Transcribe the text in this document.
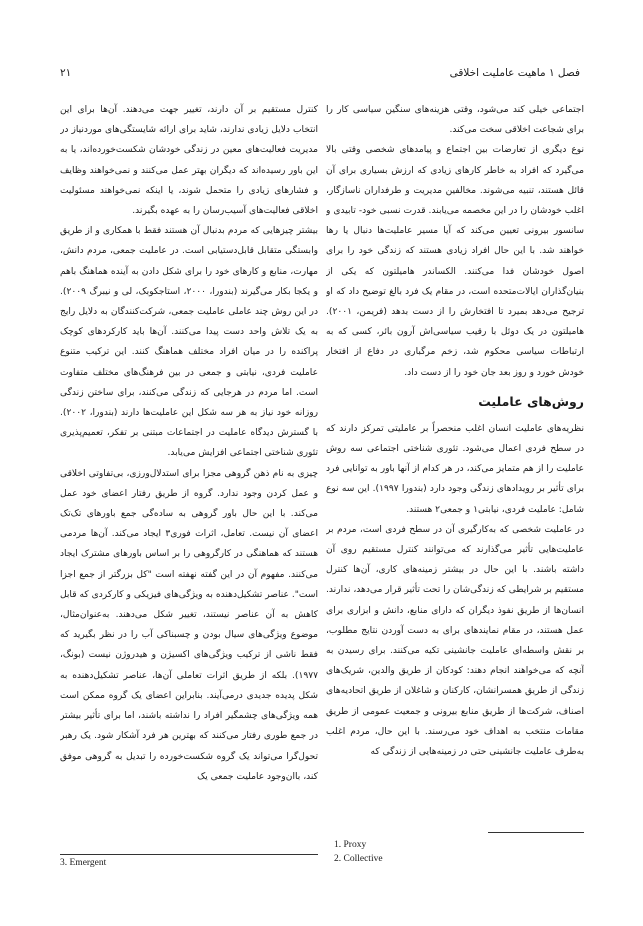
فصل ۱ ماهیت عاملیت اخلاقی
۲۱

اجتماعی خیلی کند می‌شود، وقتی هزینه‌های سنگین سیاسی کار را برای شجاعت اخلاقی سخت می‌کند.

نوع دیگری از تعارضات بین اجتماع و پیامدهای شخصی وقتی بالا می‌گیرد که افراد به خاطر کارهای زیادی که ارزش بسیاری برای آن قائل هستند، تنبیه می‌شوند. مخالفین مدیریت و طرفداران ناسازگار، اغلب خودشان را در این مخصمه می‌یابند. قدرت نسبی خود- تابیدی و سانسور بیرونی تعیین می‌کند که آیا مسیر عاملیت‌ها دنبال یا رها خواهند شد. با این حال افراد زیادی هستند که زندگی خود را برای اصول خودشان فدا می‌کنند. الکساندر هامیلتون که یکی از بنیان‌گذاران ایالات‌متحده است، در مقام یک فرد بالغ توضیح داد که او ترجیح می‌دهد بمیرد تا افتخارش را از دست بدهد (فریمن، ۲۰۰۱). هامیلتون در یک دوئل با رقیب سیاسی‌اش آرون بائر، کسی که به ارتباطات سیاسی محکوم شد، زخم مرگباری در دفاع از افتخار خودش خورد و روز بعد جان خود را از دست داد.

روش‌های عاملیت

نظریه‌های عاملیت انسان اغلب منحصراً بر عاملیتی تمرکز دارند که در سطح فردی اعمال می‌شود. تئوری شناختی اجتماعی سه روش عاملیت را از هم متمایز می‌کند، در هر کدام از آنها باور به توانایی فرد برای تأثیر بر رویدادهای زندگی وجود دارد (بندورا ۱۹۹۷). این سه نوع شامل: عاملیت فردی، نیابتی۱ و جمعی۲ هستند.

در عاملیت شخصی که به‌کارگیری آن در سطح فردی است، مردم بر عاملیت‌هایی تأثیر می‌گذارند که می‌توانند کنترل مستقیم روی آن داشته باشند. با این حال در بیشتر زمینه‌های کاری، آن‌ها کنترل مستقیم بر شرایطی که زندگی‌شان را تحت تأثیر قرار می‌دهد، ندارند. انسان‌ها از طریق نفوذ دیگران که دارای منابع، دانش و ابزاری برای عمل هستند، در مقام نمایندهای برای به دست آوردن نتایج مطلوب، بر نقش واسطه‌ای عاملیت جانشینی تکیه می‌کنند. برای رسیدن به آنچه که می‌خواهند انجام دهند: کودکان از طریق والدین، شریک‌های زندگی از طریق همسرانشان، کارکنان و شاغلان از طریق اتحادیه‌های اصناف، شرکت‌ها از طریق منابع بیرونی و جمعیت عمومی از طریق مقامات منتخب به اهداف خود می‌رسند. با این حال، مردم اغلب به‌طرف عاملیت جانشینی حتی در زمینه‌هایی از زندگی که

کنترل مستقیم بر آن دارند، تغییر جهت می‌دهند. آن‌ها برای این انتخاب دلایل زیادی ندارند، شاید برای ارائه شایستگی‌های موردنیاز در مدیریت فعالیت‌های معین در زندگی خودشان شکست‌خورده‌اند، یا به این باور رسیده‌اند که دیگران بهتر عمل می‌کنند و نمی‌خواهند وظایف و فشارهای زیادی را متحمل شوند، یا اینکه نمی‌خواهند مسئولیت اخلاقی فعالیت‌های آسیب‌رسان را به عهده بگیرند.

بیشتر چیزهایی که مردم بدنبال آن هستند فقط با همکاری و از طریق وابستگی متقابل قابل‌دستیابی است. در عاملیت جمعی، مردم دانش، مهارت، منابع و کارهای خود را برای شکل دادن به آینده هماهنگ باهم و یکجا بکار می‌گیرند (بندورا، ۲۰۰۰، استاجکوبک، لی و نیبرگ ۲۰۰۹). در این روش چند عاملی عاملیت جمعی، شرکت‌کنندگان به دلایل رایج به یک تلاش واحد دست پیدا می‌کنند. آن‌ها باید کارکردهای کوچک پراکنده را در میان افراد مختلف هماهنگ کنند. این ترکیب متنوع عاملیت فردی، نیابتی و جمعی در بین فرهنگ‌های مختلف متفاوت است. اما مردم در هرجایی که زندگی می‌کنند، برای ساختن زندگی روزانه خود نیاز به هر سه شکل این عاملیت‌ها دارند (بندورا، ۲۰۰۲). با گسترش دیدگاه عاملیت در اجتماعات مبتنی بر تفکر، تعمیم‌پذیری تئوری شناختی اجتماعی افزایش می‌یابد.

چیزی به نام ذهن گروهی مجزا برای استدلال‌ورزی، بی‌تفاوتی اخلاقی و عمل کردن وجود ندارد. گروه از طریق رفتار اعضای خود عمل می‌کند. با این حال باور گروهی به ساده‌گی جمع باورهای تک‌تک اعضای آن نیست. تعامل، اثرات فوری۳ ایجاد می‌کند. آن‌ها مردمی هستند که هماهنگی در کارگروهی را بر اساس باورهای مشترک ایجاد می‌کنند. مفهوم آن در این گفته نهفته است "کل بزرگتر از جمع اجزا است". عناصر تشکیل‌دهنده به ویژگی‌های فیزیکی و کارکردی که قابل کاهش به آن عناصر نیستند، تغییر شکل می‌دهند. به‌عنوان‌مثال، موضوع ویژگی‌های سیال بودن و چسبناکی آب را در نظر بگیرید که فقط ناشی از ترکیب ویژگی‌های اکسیژن و هیدروژن نیست (بونگ، ۱۹۷۷). بلکه از طریق اثرات تعاملی آن‌ها، عناصر تشکیل‌دهنده به شکل پدیده جدیدی درمی‌آیند. بنابراین اعضای یک گروه ممکن است همه ویژگی‌های چشمگیر افراد را نداشته باشند، اما برای تأثیر بیشتر در جمع طوری رفتار می‌کنند که بهترین هر فرد آشکار شود. یک رهبر تحول‌گرا می‌تواند یک گروه شکست‌خورده را تبدیل به گروهی موفق کند، باان‌وجود عاملیت جمعی یک

1. Proxy
2. Collective
3. Emergent
